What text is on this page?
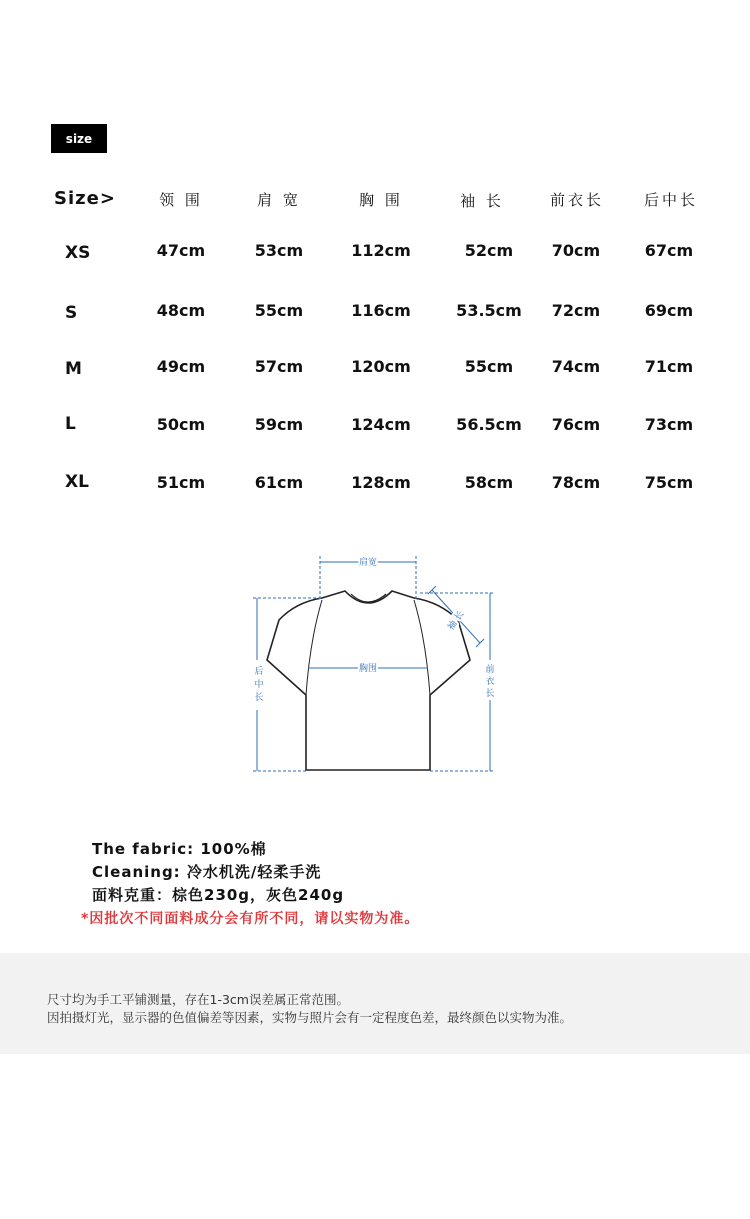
size
Size>	领 围	肩 宽	胸 围	袖 长	前衣长	后中长
XS	47cm	53cm	112cm	52cm 70cm	67cm
S	48cm	55cm	116cm	53.5cm 72cm	69cm
M	49cm	57cm	120cm	55cm 74cm	71cm
L	50cm	59cm	124cm	56.5cm 76cm	73cm
XL	51cm	61cm	128cm	58cm 78cm	75cm
肩宽
胸围
袖 长
前衣长
后中长
The fabric: 100%棉
Cleaning: 冷水机洗/轻柔手洗
面料克重：棕色230g，灰色240g
*因批次不同面料成分会有所不同，请以实物为准。
尺寸均为手工平铺测量，存在1-3cm误差属正常范围。
因拍摄灯光，显示器的色值偏差等因素，实物与照片会有一定程度色差，最终颜色以实物为准。
